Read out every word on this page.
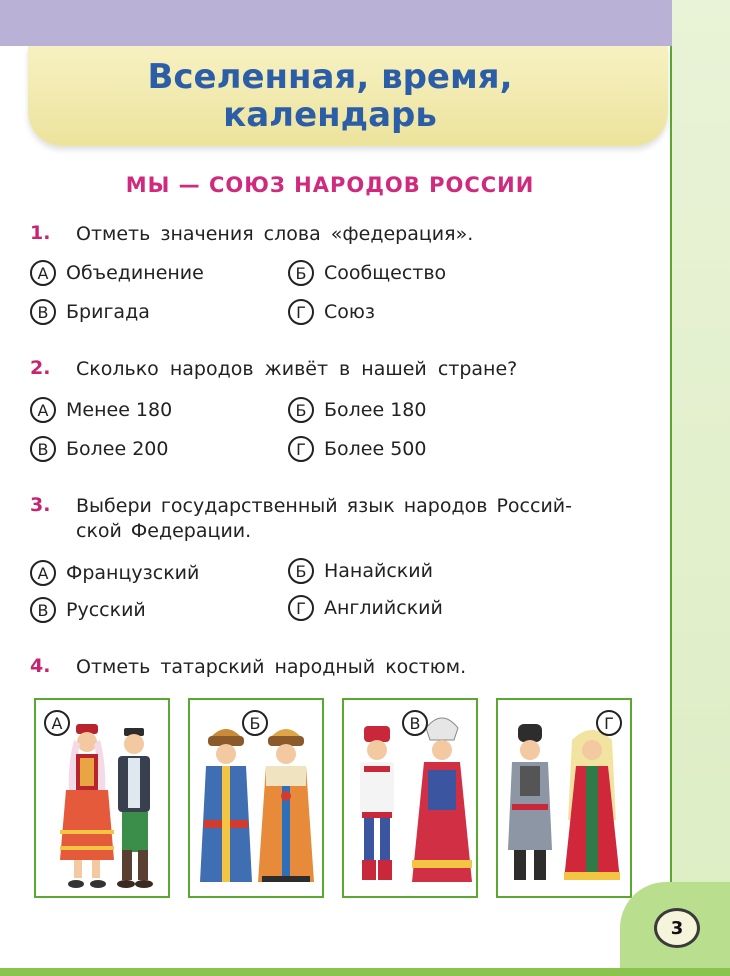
Вселенная, время,
календарь
МЫ — СОЮЗ НАРОДОВ РОССИИ
1. Отметь значения слова «федерация».
А Объединение	Б Сообщество
В Бригада	Г Союз
2. Сколько народов живёт в нашей стране?
А Менее 180	Б Более 180
В Более 200	Г Более 500
3. Выбери государственный язык народов Россий-
ской Федерации.
А Французский	Б Нанайский
В Русский	Г Английский
4. Отметь татарский народный костюм.
А	Б	В	Г
3
